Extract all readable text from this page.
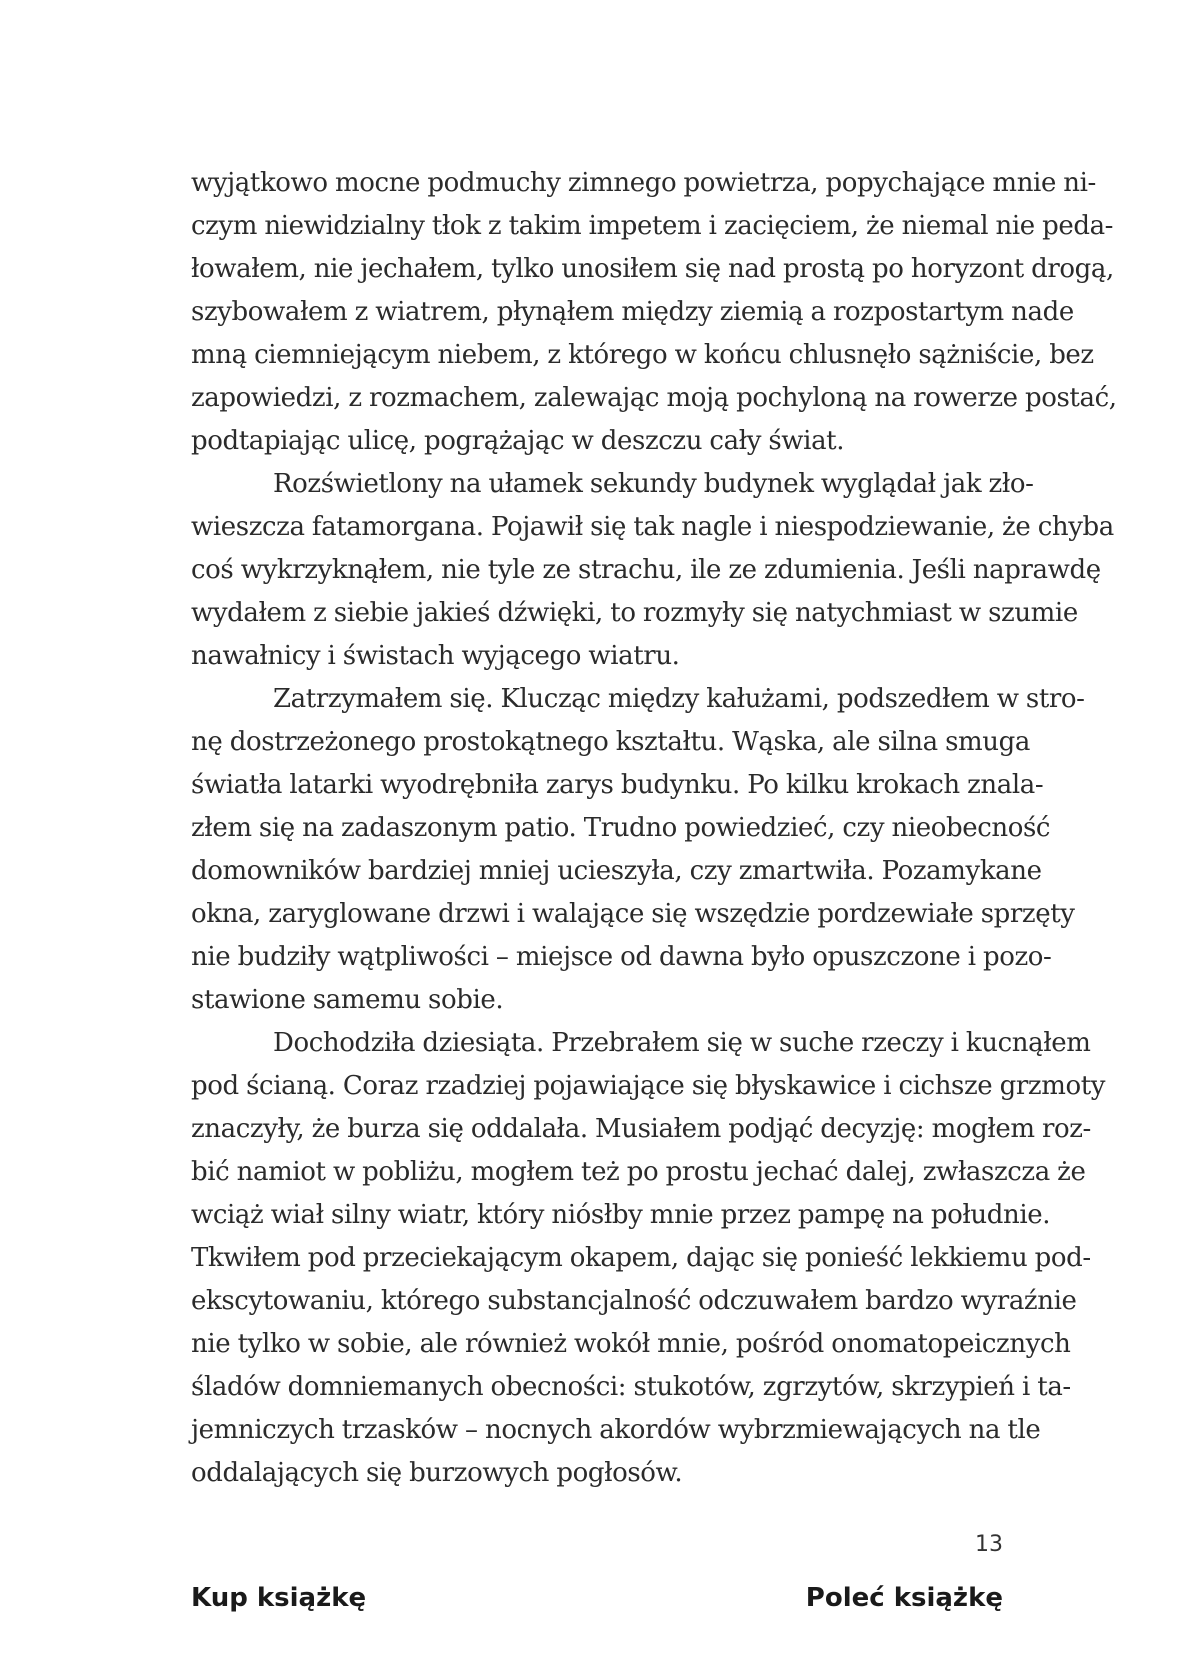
wyjątkowo mocne podmuchy zimnego powietrza, popychające mnie ni-
czym niewidzialny tłok z takim impetem i zacięciem, że niemal nie peda-
łowałem, nie jechałem, tylko unosiłem się nad prostą po horyzont drogą,
szybowałem z wiatrem, płynąłem między ziemią a rozpostartym nade
mną ciemniejącym niebem, z którego w końcu chlusnęło sążniście, bez
zapowiedzi, z rozmachem, zalewając moją pochyloną na rowerze postać,
podtapiając ulicę, pogrążając w deszczu cały świat.

Rozświetlony na ułamek sekundy budynek wyglądał jak zło-
wieszcza fatamorgana. Pojawił się tak nagle i niespodziewanie, że chyba
coś wykrzyknąłem, nie tyle ze strachu, ile ze zdumienia. Jeśli naprawdę
wydałem z siebie jakieś dźwięki, to rozmyły się natychmiast w szumie
nawałnicy i świstach wyjącego wiatru.

Zatrzymałem się. Klucząc między kałużami, podszedłem w stro-
nę dostrzeżonego prostokątnego kształtu. Wąska, ale silna smuga
światła latarki wyodrębniła zarys budynku. Po kilku krokach znala-
złem się na zadaszonym patio. Trudno powiedzieć, czy nieobecność
domowników bardziej mniej ucieszyła, czy zmartwiła. Pozamykane
okna, zaryglowane drzwi i walające się wszędzie pordzewiałe sprzęty
nie budziły wątpliwości – miejsce od dawna było opuszczone i pozo-
stawione samemu sobie.

Dochodziła dziesiąta. Przebrałem się w suche rzeczy i kucnąłem
pod ścianą. Coraz rzadziej pojawiające się błyskawice i cichsze grzmoty
znaczyły, że burza się oddalała. Musiałem podjąć decyzję: mogłem roz-
bić namiot w pobliżu, mogłem też po prostu jechać dalej, zwłaszcza że
wciąż wiał silny wiatr, który niósłby mnie przez pampę na południe.
Tkwiłem pod przeciekającym okapem, dając się ponieść lekkiemu pod-
ekscytowaniu, którego substancjalność odczuwałem bardzo wyraźnie
nie tylko w sobie, ale również wokół mnie, pośród onomatopeicznych
śladów domniemanych obecności: stukotów, zgrzytów, skrzypień i ta-
jemniczych trzasków – nocnych akordów wybrzmiewających na tle
oddalających się burzowych pogłosów.

13
Kup książkę	Poleć książkę
